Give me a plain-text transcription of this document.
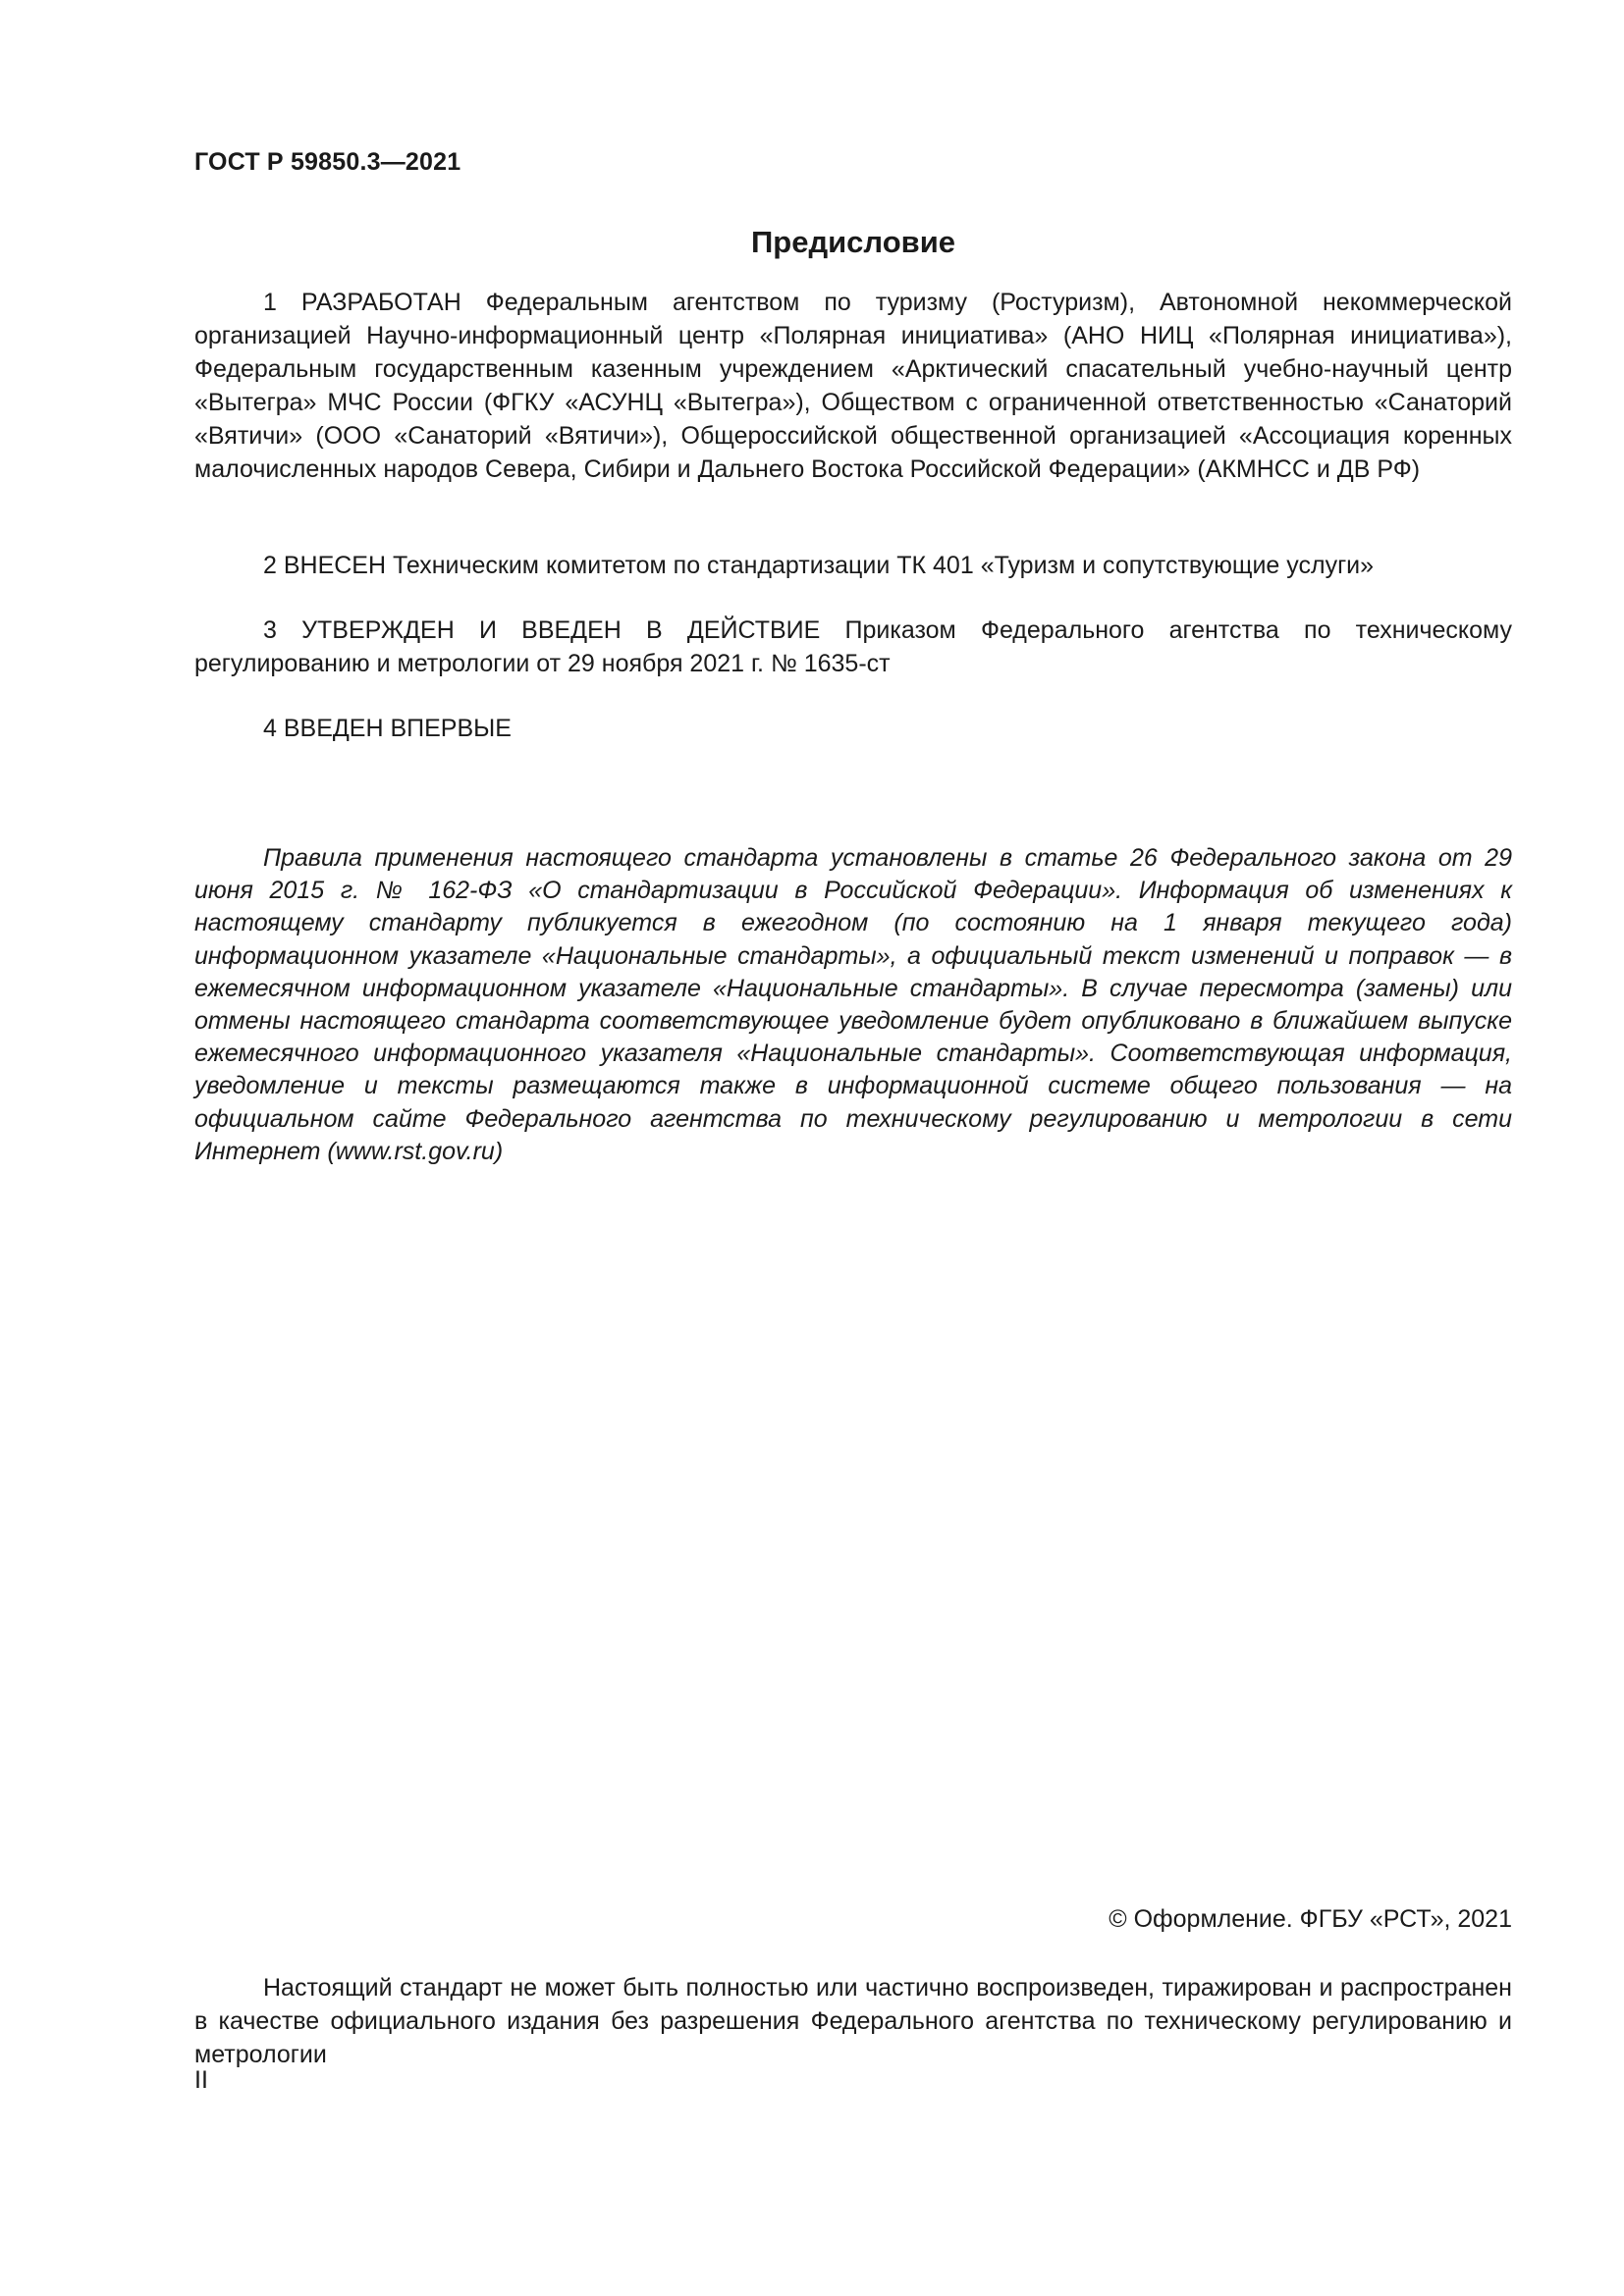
ГОСТ Р 59850.3—2021
Предисловие

1 РАЗРАБОТАН Федеральным агентством по туризму (Ростуризм), Автономной некоммерческой организацией Научно-информационный центр «Полярная инициатива» (АНО НИЦ «Полярная инициатива»), Федеральным государственным казенным учреждением «Арктический спасательный учебно-научный центр «Вытегра» МЧС России (ФГКУ «АСУНЦ «Вытегра»), Обществом с ограниченной ответственностью «Санаторий «Вятичи» (ООО «Санаторий «Вятичи»), Общероссийской общественной организацией «Ассоциация коренных малочисленных народов Севера, Сибири и Дальнего Востока Российской Федерации» (АКМНСС и ДВ РФ)

2 ВНЕСЕН Техническим комитетом по стандартизации ТК 401 «Туризм и сопутствующие услуги»

3 УТВЕРЖДЕН И ВВЕДЕН В ДЕЙСТВИЕ Приказом Федерального агентства по техническому регулированию и метрологии от 29 ноября 2021 г. № 1635-ст

4 ВВЕДЕН ВПЕРВЫЕ

Правила применения настоящего стандарта установлены в статье 26 Федерального закона от 29 июня 2015 г. № 162-ФЗ «О стандартизации в Российской Федерации». Информация об изменениях к настоящему стандарту публикуется в ежегодном (по состоянию на 1 января текущего года) информационном указателе «Национальные стандарты», а официальный текст изменений и поправок — в ежемесячном информационном указателе «Национальные стандарты». В случае пересмотра (замены) или отмены настоящего стандарта соответствующее уведомление будет опубликовано в ближайшем выпуске ежемесячного информационного указателя «Национальные стандарты». Соответствующая информация, уведомление и тексты размещаются также в информационной системе общего пользования — на официальном сайте Федерального агентства по техническому регулированию и метрологии в сети Интернет (www.rst.gov.ru)

© Оформление. ФГБУ «РСТ», 2021

Настоящий стандарт не может быть полностью или частично воспроизведен, тиражирован и распространен в качестве официального издания без разрешения Федерального агентства по техническому регулированию и метрологии

II
